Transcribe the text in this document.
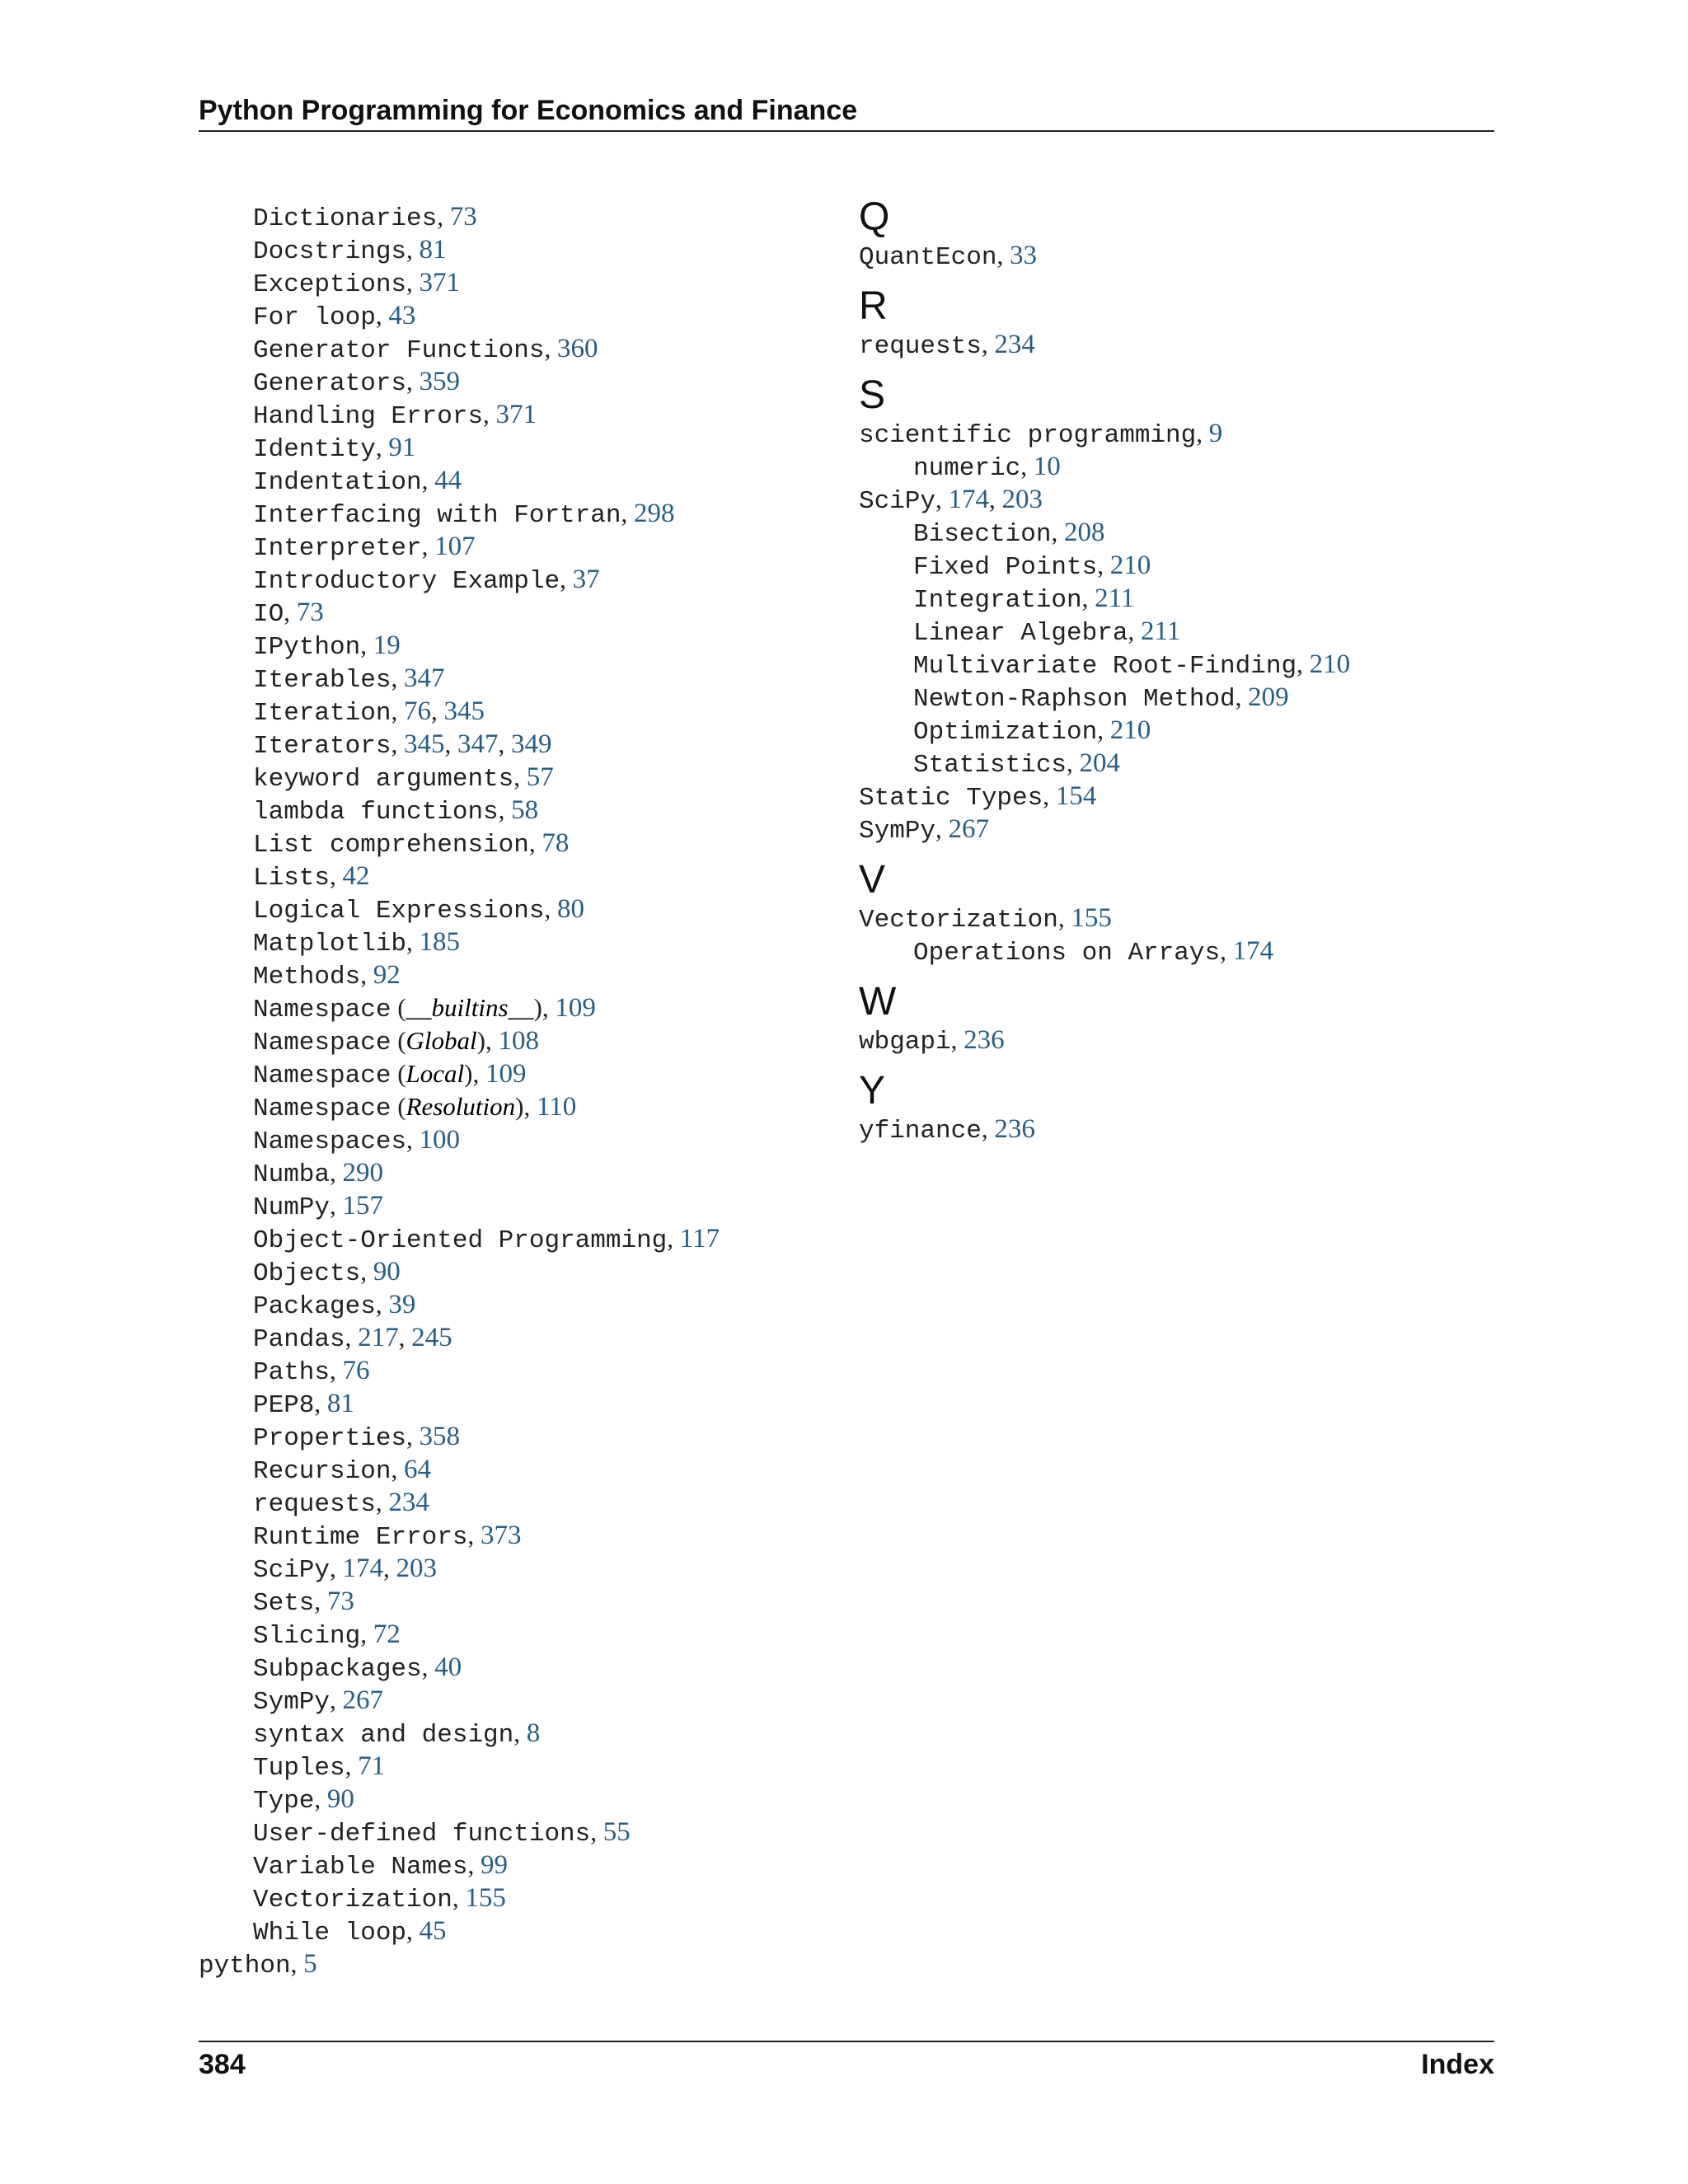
Python Programming for Economics and Finance
Dictionaries, 73
Docstrings, 81
Exceptions, 371
For loop, 43
Generator Functions, 360
Generators, 359
Handling Errors, 371
Identity, 91
Indentation, 44
Interfacing with Fortran, 298
Interpreter, 107
Introductory Example, 37
IO, 73
IPython, 19
Iterables, 347
Iteration, 76, 345
Iterators, 345, 347, 349
keyword arguments, 57
lambda functions, 58
List comprehension, 78
Lists, 42
Logical Expressions, 80
Matplotlib, 185
Methods, 92
Namespace (__builtins__), 109
Namespace (Global), 108
Namespace (Local), 109
Namespace (Resolution), 110
Namespaces, 100
Numba, 290
NumPy, 157
Object-Oriented Programming, 117
Objects, 90
Packages, 39
Pandas, 217, 245
Paths, 76
PEP8, 81
Properties, 358
Recursion, 64
requests, 234
Runtime Errors, 373
SciPy, 174, 203
Sets, 73
Slicing, 72
Subpackages, 40
SymPy, 267
syntax and design, 8
Tuples, 71
Type, 90
User-defined functions, 55
Variable Names, 99
Vectorization, 155
While loop, 45
python, 5
Q
QuantEcon, 33
R
requests, 234
S
scientific programming, 9
numeric, 10
SciPy, 174, 203
Bisection, 208
Fixed Points, 210
Integration, 211
Linear Algebra, 211
Multivariate Root-Finding, 210
Newton-Raphson Method, 209
Optimization, 210
Statistics, 204
Static Types, 154
SymPy, 267
V
Vectorization, 155
Operations on Arrays, 174
W
wbgapi, 236
Y
yfinance, 236
384	Index
